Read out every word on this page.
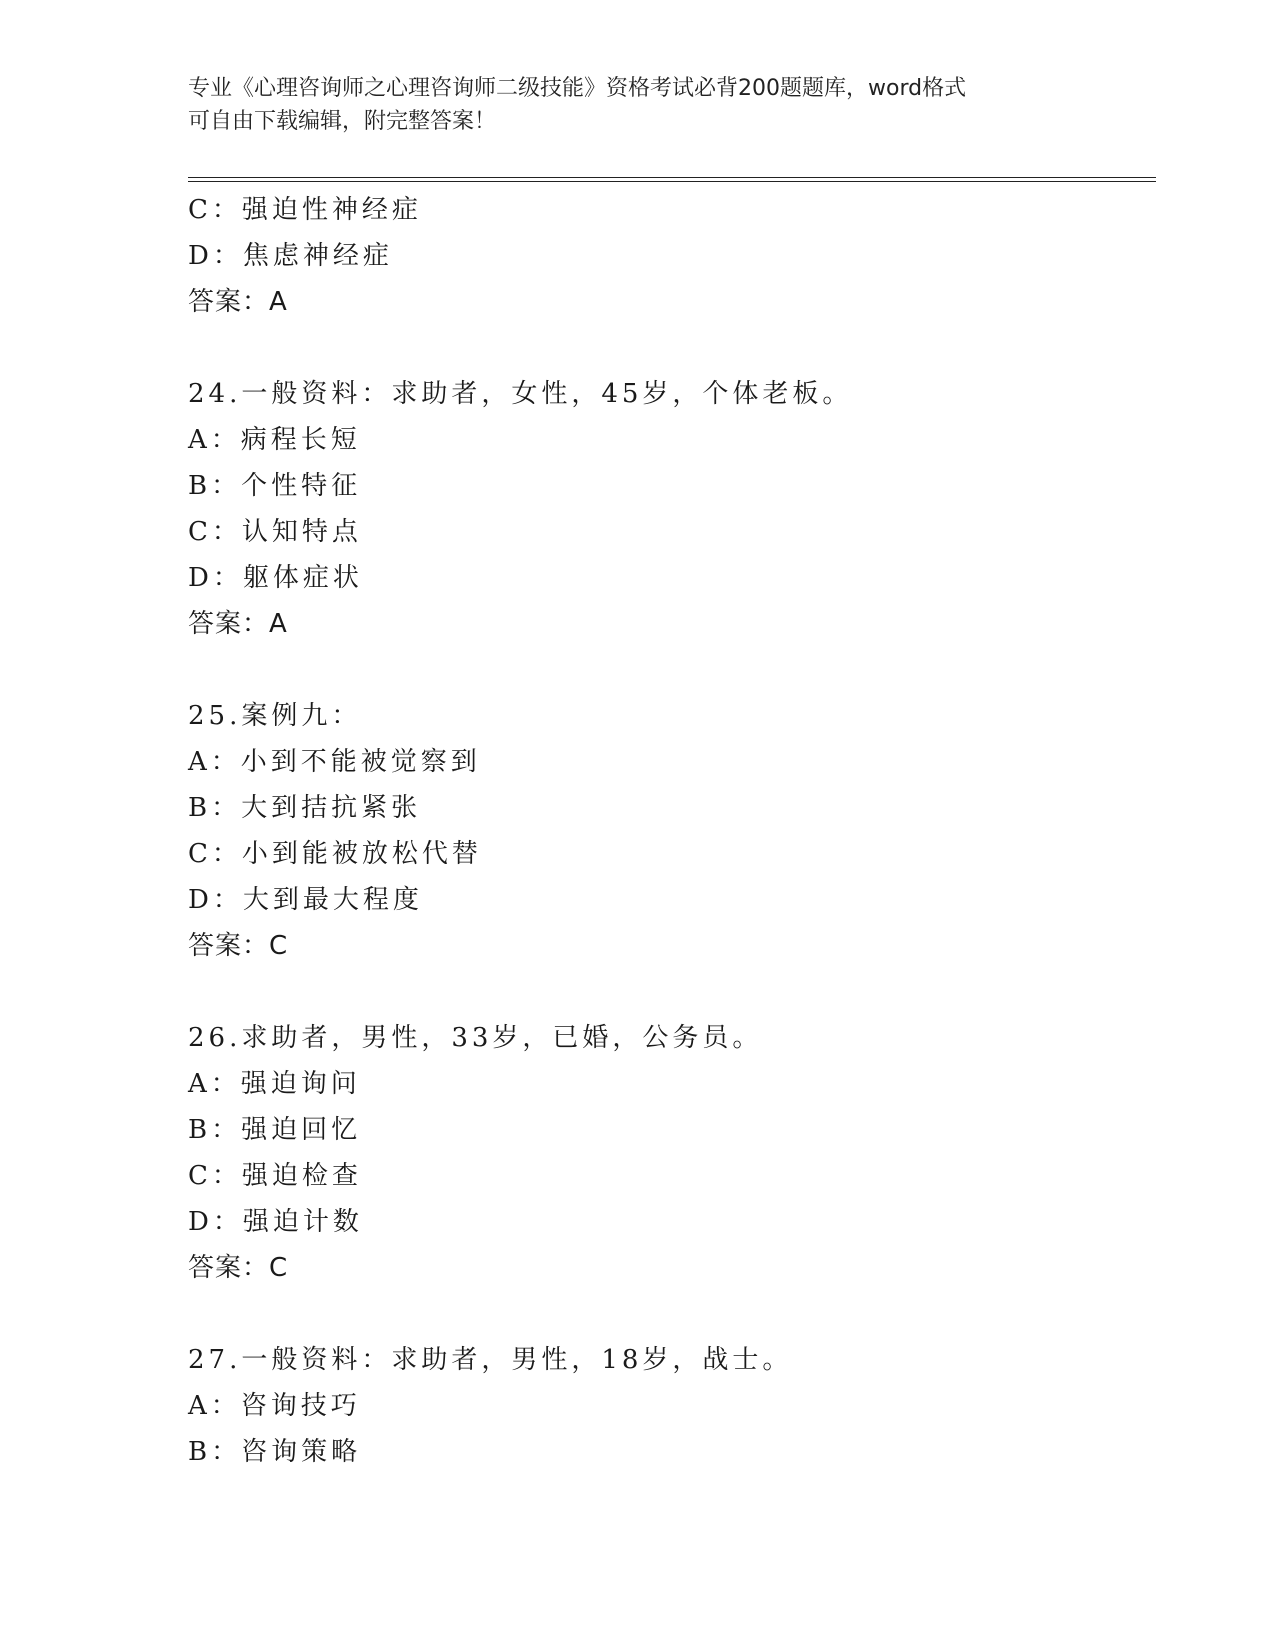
专业《心理咨询师之心理咨询师二级技能》资格考试必背200题题库，word格式
可自由下载编辑，附完整答案！
C：强迫性神经症
D：焦虑神经症
答案：A
24.一般资料：求助者，女性，45岁，个体老板。
A：病程长短
B：个性特征
C：认知特点
D：躯体症状
答案：A
25.案例九：
A：小到不能被觉察到
B：大到拮抗紧张
C：小到能被放松代替
D：大到最大程度
答案：C
26.求助者，男性，33岁，已婚，公务员。
A：强迫询问
B：强迫回忆
C：强迫检查
D：强迫计数
答案：C
27.一般资料：求助者，男性，18岁，战士。
A：咨询技巧
B：咨询策略
